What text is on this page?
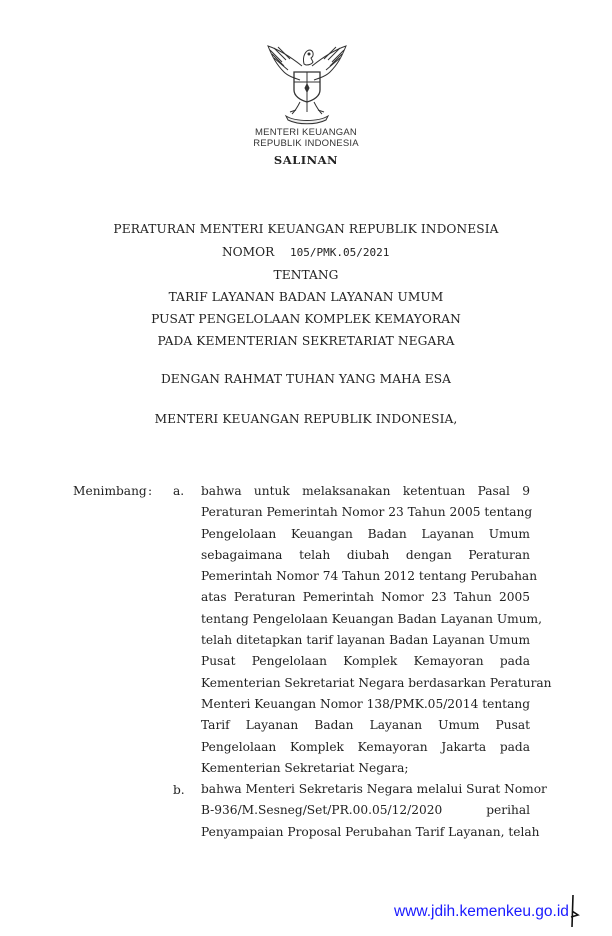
MENTERI KEUANGAN
REPUBLIK INDONESIA
SALINAN
PERATURAN MENTERI KEUANGAN REPUBLIK INDONESIA
NOMOR 105/PMK.05/2021
TENTANG
TARIF LAYANAN BADAN LAYANAN UMUM
PUSAT PENGELOLAAN KOMPLEK KEMAYORAN
PADA KEMENTERIAN SEKRETARIAT NEGARA
DENGAN RAHMAT TUHAN YANG MAHA ESA
MENTERI KEUANGAN REPUBLIK INDONESIA,
Menimbang : a. bahwa untuk melaksanakan ketentuan Pasal 9
Peraturan Pemerintah Nomor 23 Tahun 2005 tentang
Pengelolaan Keuangan Badan Layanan Umum
sebagaimana telah diubah dengan Peraturan
Pemerintah Nomor 74 Tahun 2012 tentang Perubahan
atas Peraturan Pemerintah Nomor 23 Tahun 2005
tentang Pengelolaan Keuangan Badan Layanan Umum,
telah ditetapkan tarif layanan Badan Layanan Umum
Pusat Pengelolaan Komplek Kemayoran pada
Kementerian Sekretariat Negara berdasarkan Peraturan
Menteri Keuangan Nomor 138/PMK.05/2014 tentang
Tarif Layanan Badan Layanan Umum Pusat
Pengelolaan Komplek Kemayoran Jakarta pada
Kementerian Sekretariat Negara;
b. bahwa Menteri Sekretaris Negara melalui Surat Nomor
B-936/M.Sesneg/Set/PR.00.05/12/2020 perihal
Penyampaian Proposal Perubahan Tarif Layanan, telah
www.jdih.kemenkeu.go.id
